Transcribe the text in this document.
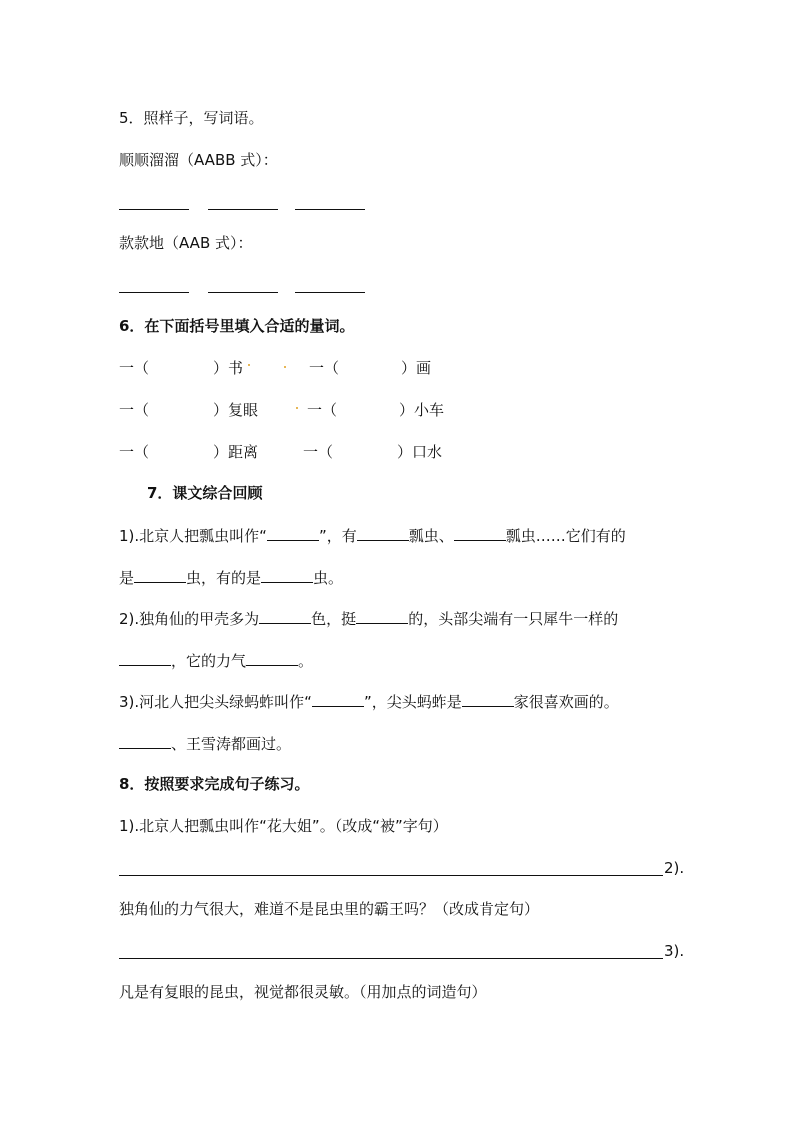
5．照样子，写词语。
顺顺溜溜（AABB 式）：
款款地（AAB 式）：
6．在下面括号里填入合适的量词。
一（	）书	一（	）画
一（	）复眼	一（	）小车
一（	）距离	一（	）口水
7．课文综合回顾
1).北京人把瓢虫叫作“	”，有	瓢虫、	瓢虫……它们有的
是	虫，有的是	虫。
2).独角仙的甲壳多为	色，挺	的，头部尖端有一只犀牛一样的
，它的力气	。
3).河北人把尖头绿蚂蚱叫作“	”，尖头蚂蚱是	家很喜欢画的。
、王雪涛都画过。
8．按照要求完成句子练习。
1).北京人把瓢虫叫作“花大姐”。（改成“被”字句）
2).
独角仙的力气很大，难道不是昆虫里的霸王吗？（改成肯定句）
3).
凡是有复眼的昆虫，视觉都很灵敏。（用加点的词造句）
